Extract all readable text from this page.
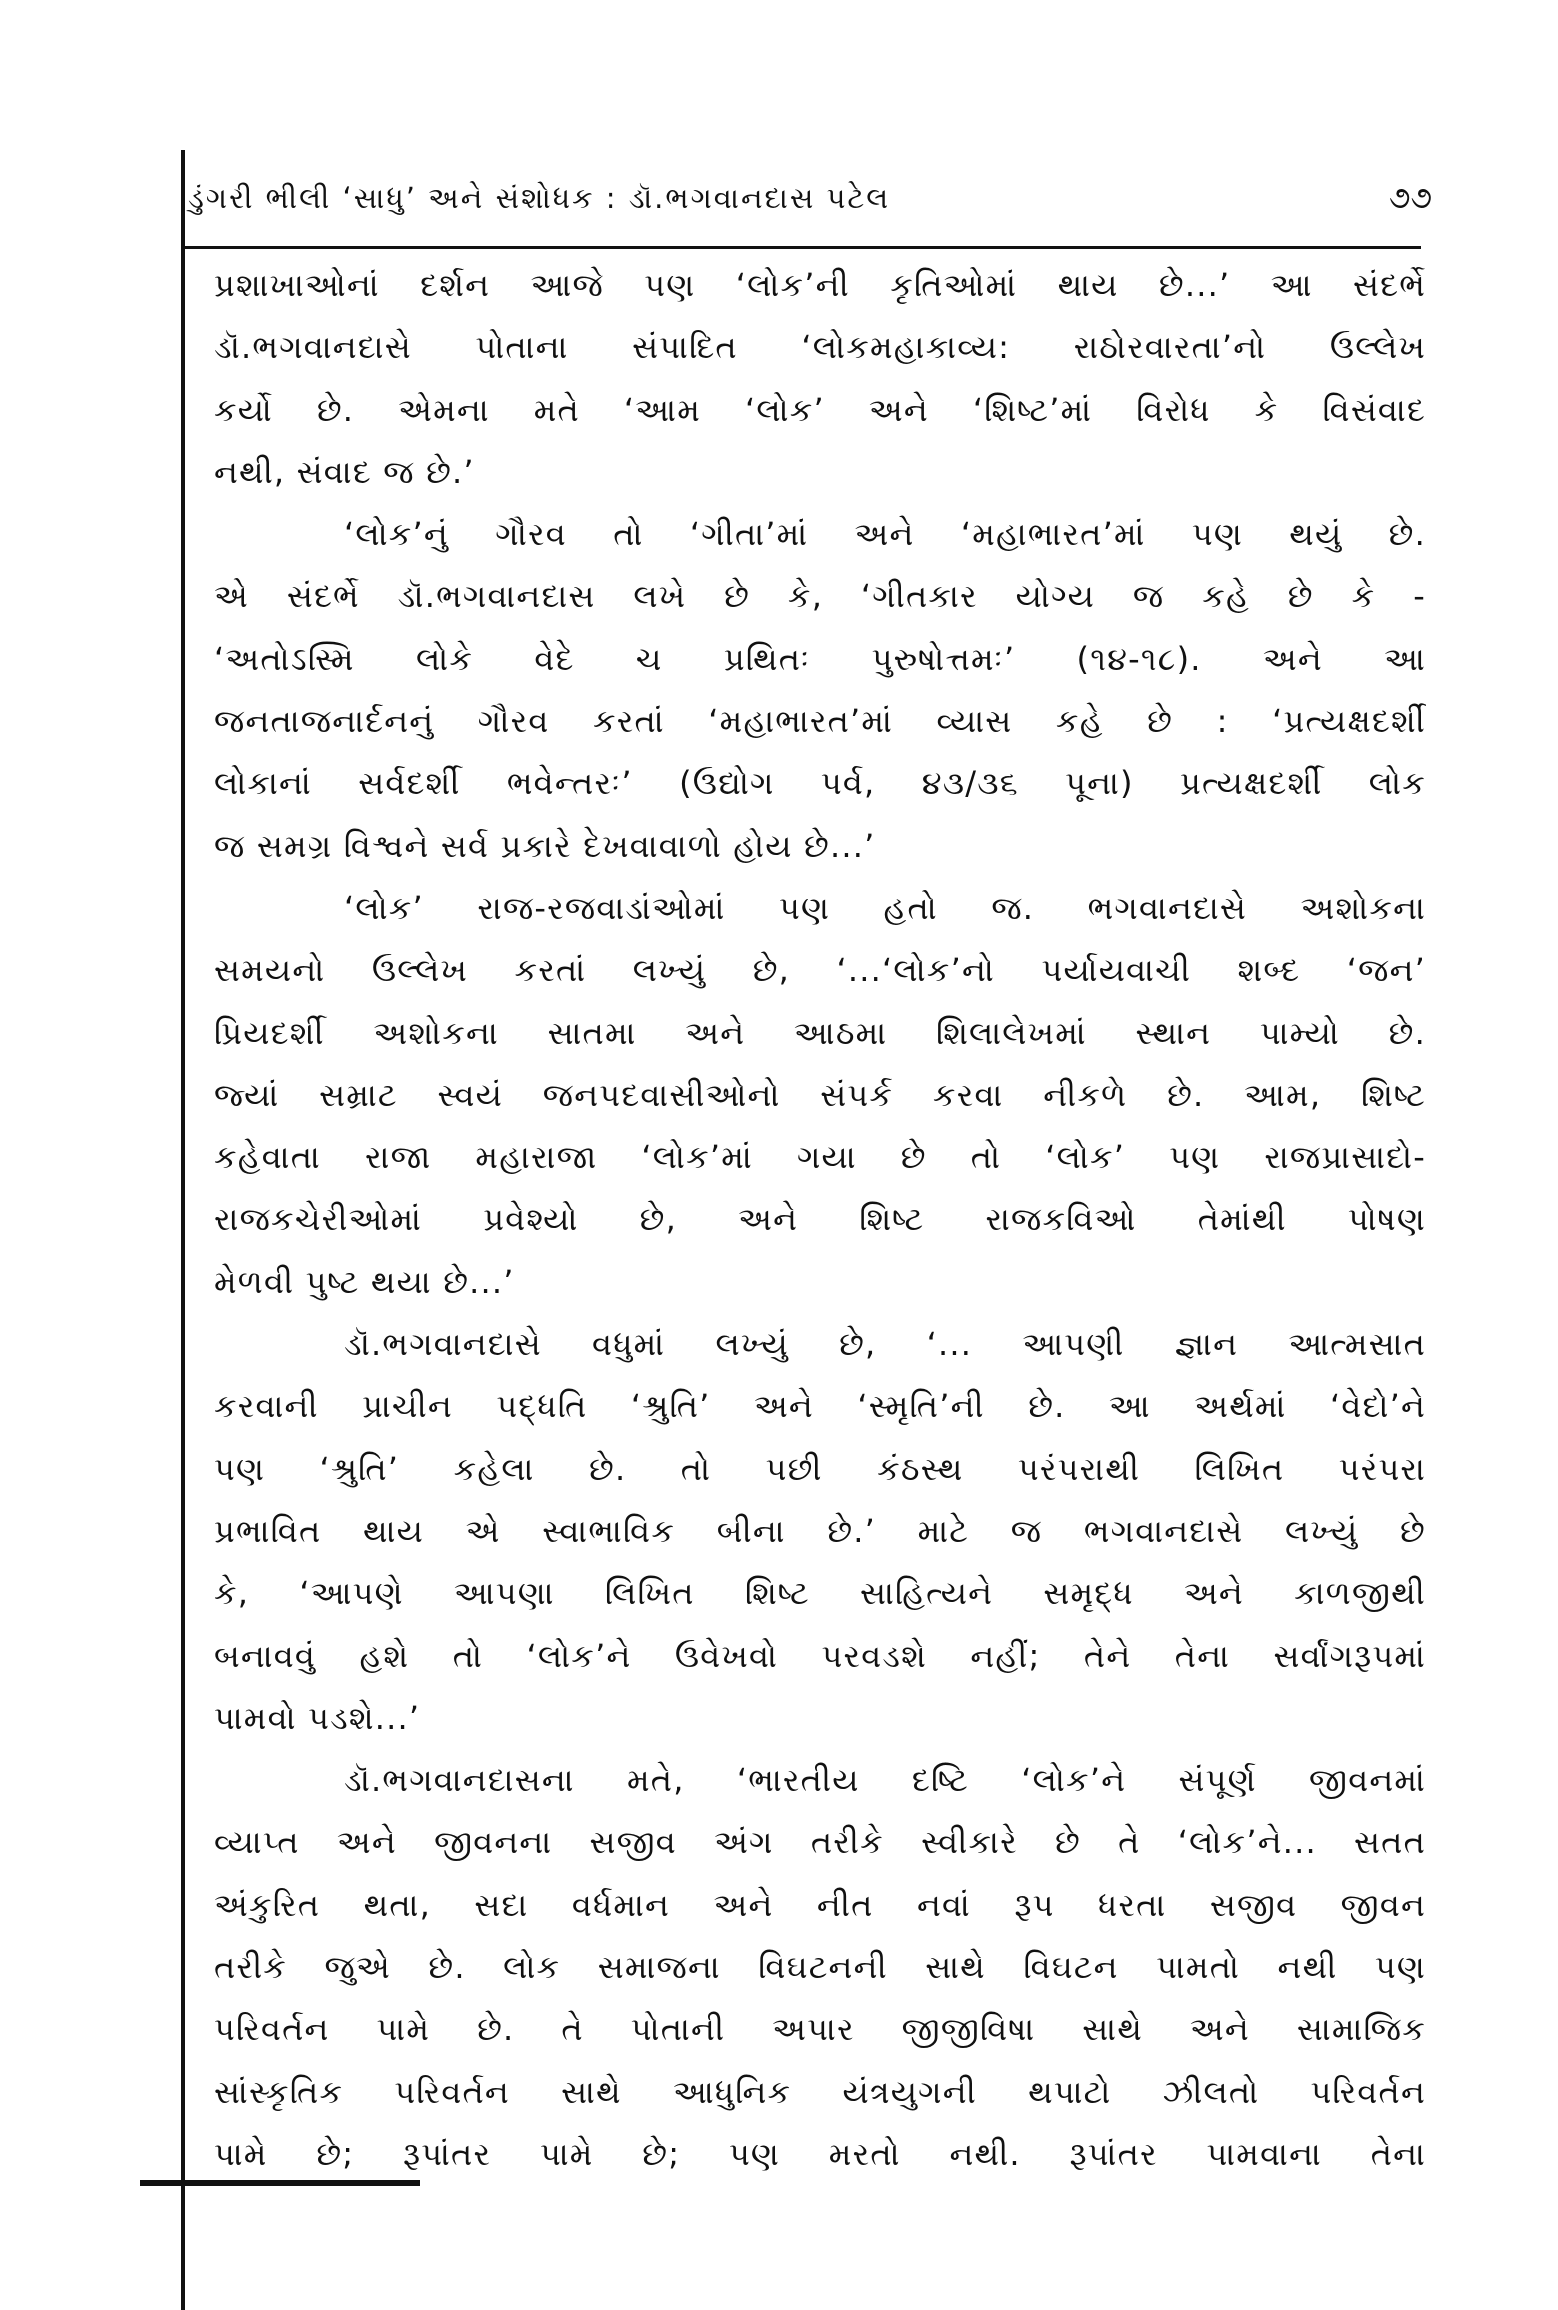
ડુંગરી ભીલી ‘સાધુ’ અને સંશોધક : ડૉ.ભગવાનદાસ પટેલ	૭૭
પ્રશાખાઓનાં દર્શન આજે પણ ‘લોક’ની કૃતિઓમાં થાય છે...’ આ સંદર્ભે
ડૉ.ભગવાનદાસે પોતાના સંપાદિત ‘લોકમહાકાવ્ય: રાઠોરવારતા’નો ઉલ્લેખ
કર્યો છે. એમના મતે ‘આમ ‘લોક’ અને ‘શિષ્ટ’માં વિરોધ કે વિસંવાદ
નથી, સંવાદ જ છે.’
‘લોક’નું ગૌરવ તો ‘ગીતા’માં અને ‘મહાભારત’માં પણ થયું છે.
એ સંદર્ભે ડૉ.ભગવાનદાસ લખે છે કે, ‘ગીતકાર યોગ્ય જ કહે છે કે -
‘અતોઽસ્મિ લોકે વેદે ચ પ્રથિતઃ પુરુષોત્તમઃ’ (૧૪-૧૮). અને આ
જનતાજનાર્દનનું ગૌરવ કરતાં ‘મહાભારત’માં વ્યાસ કહે છે : ‘પ્રત્યક્ષદર્શી
લોકાનાં સર્વદર્શી ભવેન્તરઃ’ (ઉદ્યોગ પર્વ, ૪૩/૩૬ પૂના) પ્રત્યક્ષદર્શી લોક
જ સમગ્ર વિશ્વને સર્વ પ્રકારે દેખવાવાળો હોય છે...’
‘લોક’ રાજ-રજવાડાંઓમાં પણ હતો જ. ભગવાનદાસે અશોકના
સમયનો ઉલ્લેખ કરતાં લખ્યું છે, ‘...‘લોક’નો પર્યાયવાચી શબ્દ ‘જન’
પ્રિયદર્શી અશોકના સાતમા અને આઠમા શિલાલેખમાં સ્થાન પામ્યો છે.
જ્યાં સમ્રાટ સ્વયં જનપદવાસીઓનો સંપર્ક કરવા નીકળે છે. આમ, શિષ્ટ
કહેવાતા રાજા મહારાજા ‘લોક’માં ગયા છે તો ‘લોક’ પણ રાજપ્રાસાદો-
રાજકચેરીઓમાં પ્રવેશ્યો છે, અને શિષ્ટ રાજકવિઓ તેમાંથી પોષણ
મેળવી પુષ્ટ થયા છે...’
ડૉ.ભગવાનદાસે વધુમાં લખ્યું છે, ‘... આપણી જ્ઞાન આત્મસાત
કરવાની પ્રાચીન પદ્ધતિ ‘શ્રુતિ’ અને ‘સ્મૃતિ’ની છે. આ અર્થમાં ‘વેદો’ને
પણ ‘શ્રુતિ’ કહેલા છે. તો પછી કંઠસ્થ પરંપરાથી લિખિત પરંપરા
પ્રભાવિત થાય એ સ્વાભાવિક બીના છે.’ માટે જ ભગવાનદાસે લખ્યું છે
કે, ‘આપણે આપણા લિખિત શિષ્ટ સાહિત્યને સમૃદ્ધ અને કાળજીથી
બનાવવું હશે તો ‘લોક’ને ઉવેખવો પરવડશે નહીં; તેને તેના સર્વાંગરૂપમાં
પામવો પડશે...’
ડૉ.ભગવાનદાસના મતે, ‘ભારતીય દષ્ટિ ‘લોક’ને સંપૂર્ણ જીવનમાં
વ્યાપ્ત અને જીવનના સજીવ અંગ તરીકે સ્વીકારે છે તે ‘લોક’ને... સતત
અંકુરિત થતા, સદા વર્ધમાન અને નીત નવાં રૂપ ધરતા સજીવ જીવન
તરીકે જુએ છે. લોક સમાજના વિઘટનની સાથે વિઘટન પામતો નથી પણ
પરિવર્તન પામે છે. તે પોતાની અપાર જીજીવિષા સાથે અને સામાજિક
સાંસ્કૃતિક પરિવર્તન સાથે આધુનિક યંત્રયુગની થપાટો ઝીલતો પરિવર્તન
પામે છે; રૂપાંતર પામે છે; પણ મરતો નથી. રૂપાંતર પામવાના તેના
